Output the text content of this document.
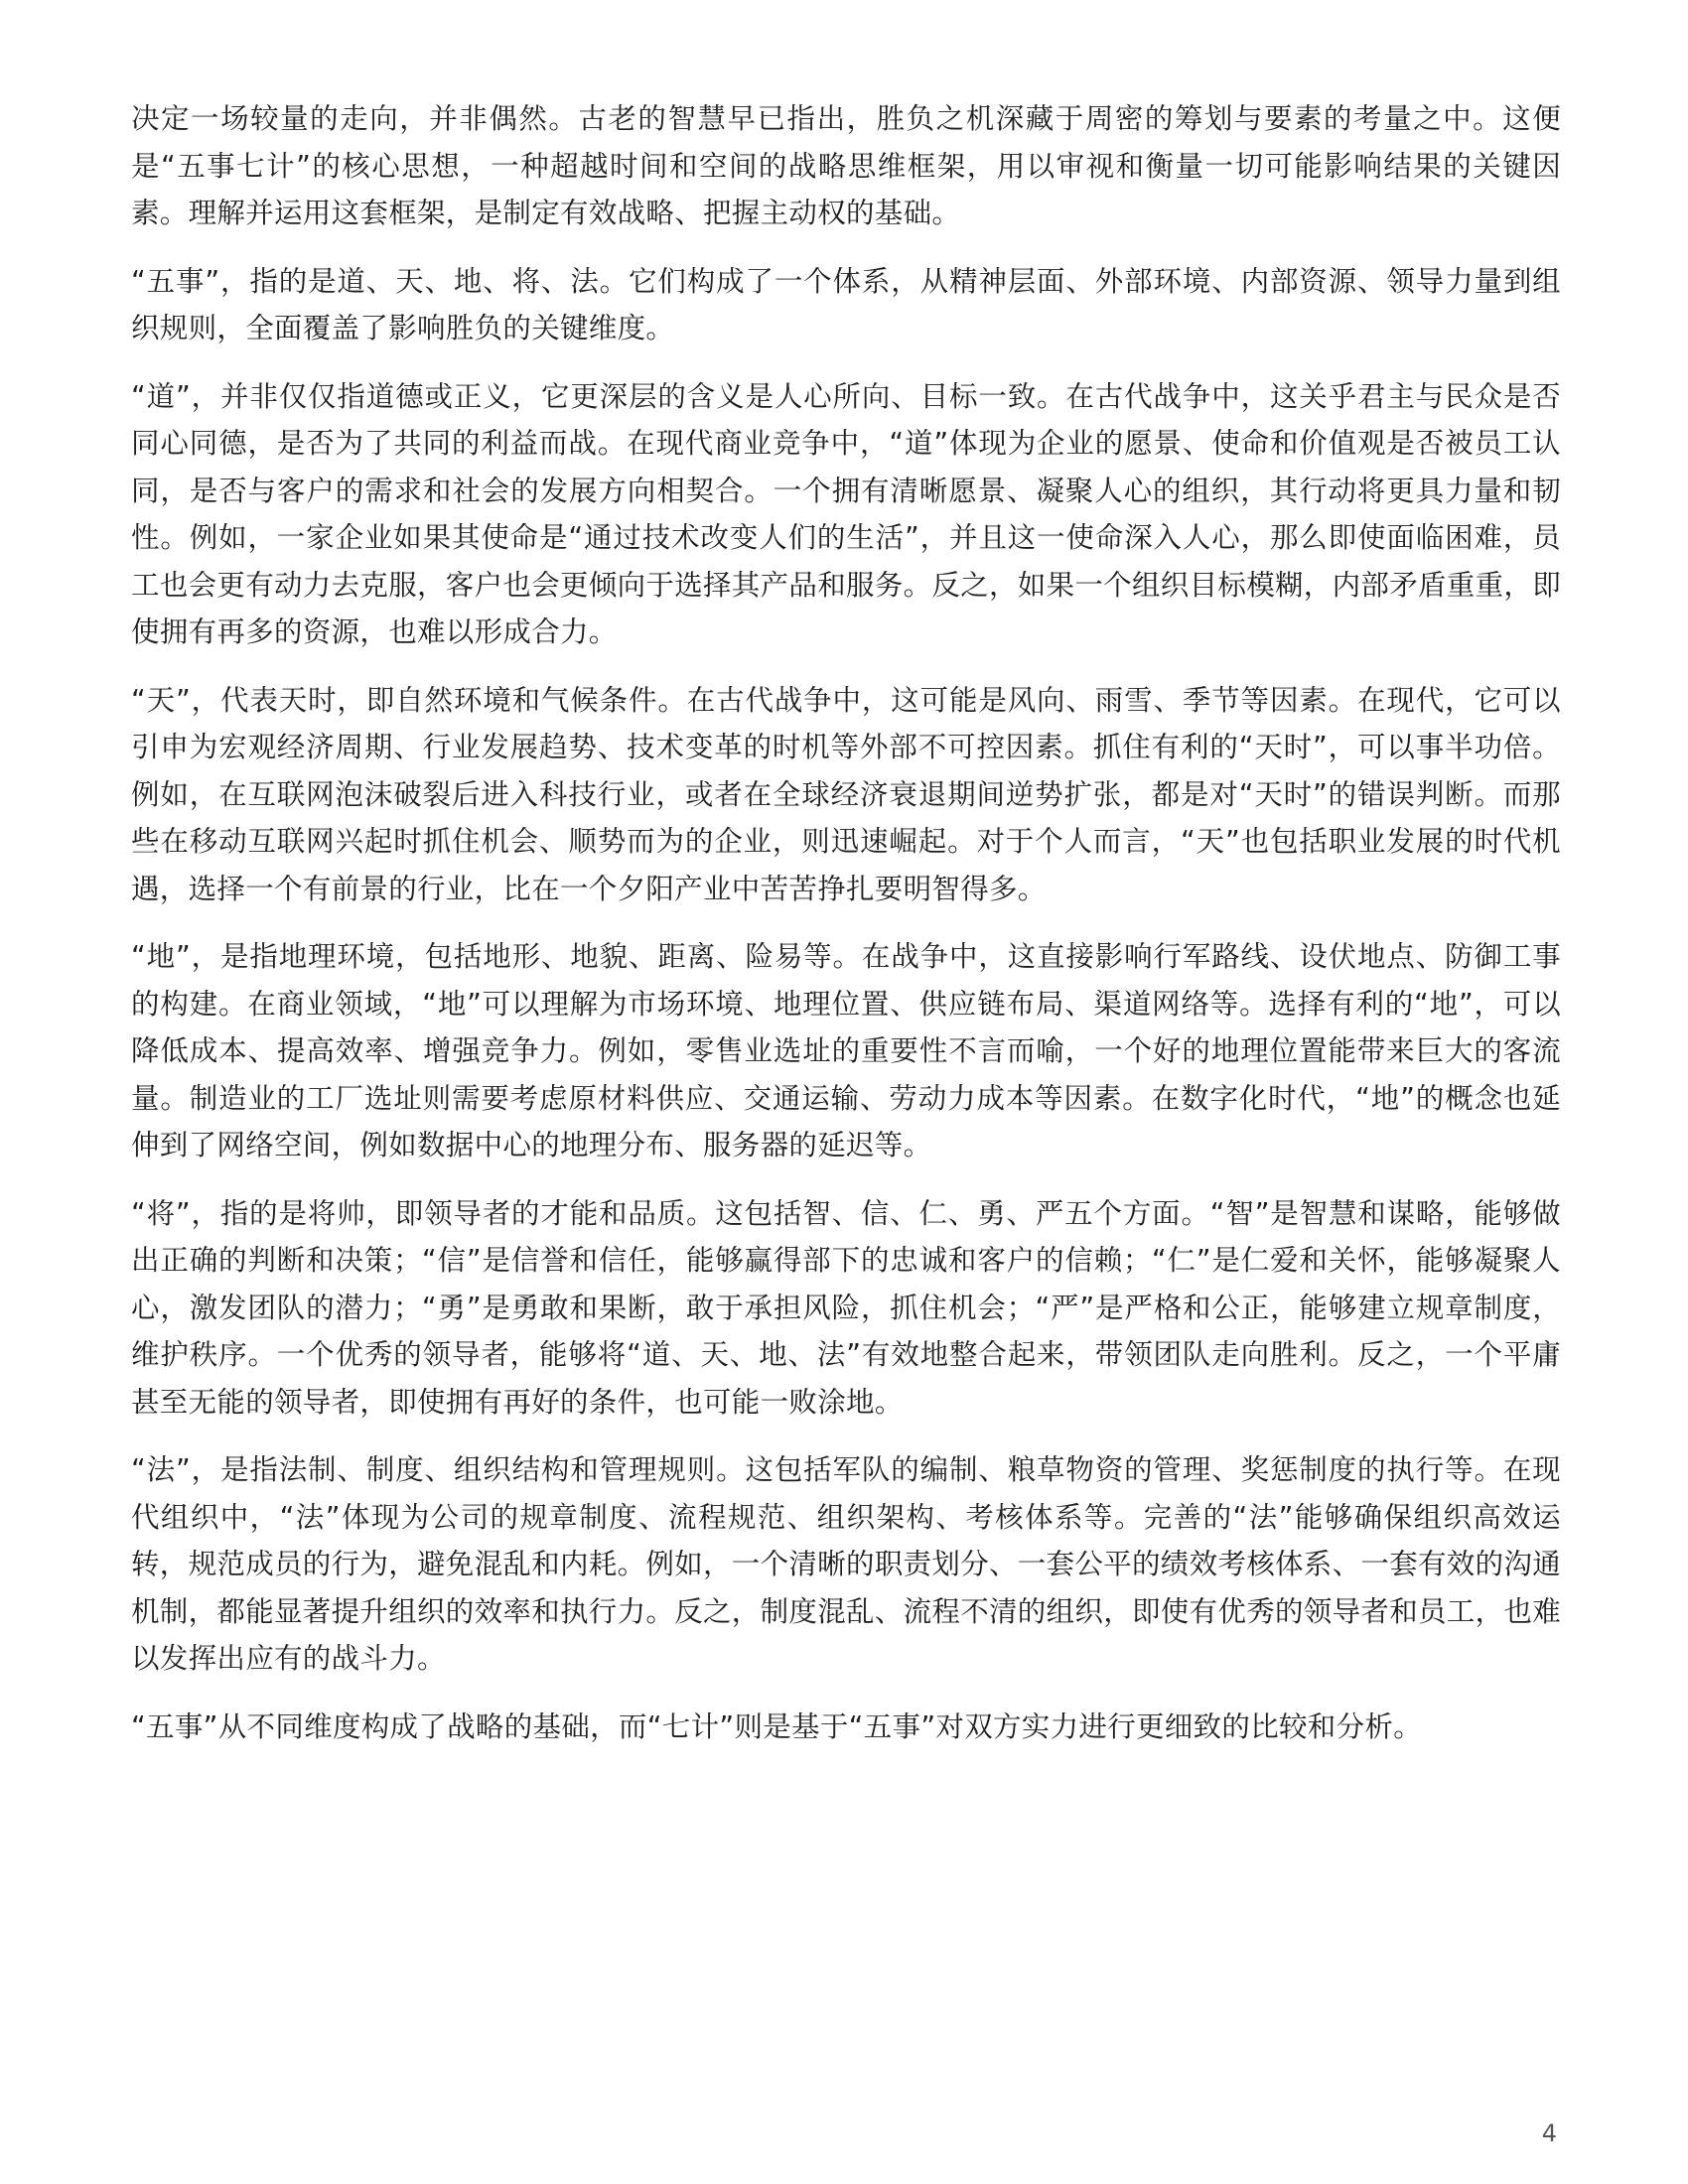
决定一场较量的走向，并非偶然。古老的智慧早已指出，胜负之机深藏于周密的筹划与要素的考量之中。这便是“五事七计”的核心思想，一种超越时间和空间的战略思维框架，用以审视和衡量一切可能影响结果的关键因素。理解并运用这套框架，是制定有效战略、把握主动权的基础。

“五事”，指的是道、天、地、将、法。它们构成了一个体系，从精神层面、外部环境、内部资源、领导力量到组织规则，全面覆盖了影响胜负的关键维度。

“道”，并非仅仅指道德或正义，它更深层的含义是人心所向、目标一致。在古代战争中，这关乎君主与民众是否同心同德，是否为了共同的利益而战。在现代商业竞争中，“道”体现为企业的愿景、使命和价值观是否被员工认同，是否与客户的需求和社会的发展方向相契合。一个拥有清晰愿景、凝聚人心的组织，其行动将更具力量和韧性。例如，一家企业如果其使命是“通过技术改变人们的生活”，并且这一使命深入人心，那么即使面临困难，员工也会更有动力去克服，客户也会更倾向于选择其产品和服务。反之，如果一个组织目标模糊，内部矛盾重重，即使拥有再多的资源，也难以形成合力。

“天”，代表天时，即自然环境和气候条件。在古代战争中，这可能是风向、雨雪、季节等因素。在现代，它可以引申为宏观经济周期、行业发展趋势、技术变革的时机等外部不可控因素。抓住有利的“天时”，可以事半功倍。例如，在互联网泡沫破裂后进入科技行业，或者在全球经济衰退期间逆势扩张，都是对“天时”的错误判断。而那些在移动互联网兴起时抓住机会、顺势而为的企业，则迅速崛起。对于个人而言，“天”也包括职业发展的时代机遇，选择一个有前景的行业，比在一个夕阳产业中苦苦挣扎要明智得多。

“地”，是指地理环境，包括地形、地貌、距离、险易等。在战争中，这直接影响行军路线、设伏地点、防御工事的构建。在商业领域，“地”可以理解为市场环境、地理位置、供应链布局、渠道网络等。选择有利的“地”，可以降低成本、提高效率、增强竞争力。例如，零售业选址的重要性不言而喻，一个好的地理位置能带来巨大的客流量。制造业的工厂选址则需要考虑原材料供应、交通运输、劳动力成本等因素。在数字化时代，“地”的概念也延伸到了网络空间，例如数据中心的地理分布、服务器的延迟等。

“将”，指的是将帅，即领导者的才能和品质。这包括智、信、仁、勇、严五个方面。“智”是智慧和谋略，能够做出正确的判断和决策；“信”是信誉和信任，能够赢得部下的忠诚和客户的信赖；“仁”是仁爱和关怀，能够凝聚人心，激发团队的潜力；“勇”是勇敢和果断，敢于承担风险，抓住机会；“严”是严格和公正，能够建立规章制度，维护秩序。一个优秀的领导者，能够将“道、天、地、法”有效地整合起来，带领团队走向胜利。反之，一个平庸甚至无能的领导者，即使拥有再好的条件，也可能一败涂地。

“法”，是指法制、制度、组织结构和管理规则。这包括军队的编制、粮草物资的管理、奖惩制度的执行等。在现代组织中，“法”体现为公司的规章制度、流程规范、组织架构、考核体系等。完善的“法”能够确保组织高效运转，规范成员的行为，避免混乱和内耗。例如，一个清晰的职责划分、一套公平的绩效考核体系、一套有效的沟通机制，都能显著提升组织的效率和执行力。反之，制度混乱、流程不清的组织，即使有优秀的领导者和员工，也难以发挥出应有的战斗力。

“五事”从不同维度构成了战略的基础，而“七计”则是基于“五事”对双方实力进行更细致的比较和分析。

4
